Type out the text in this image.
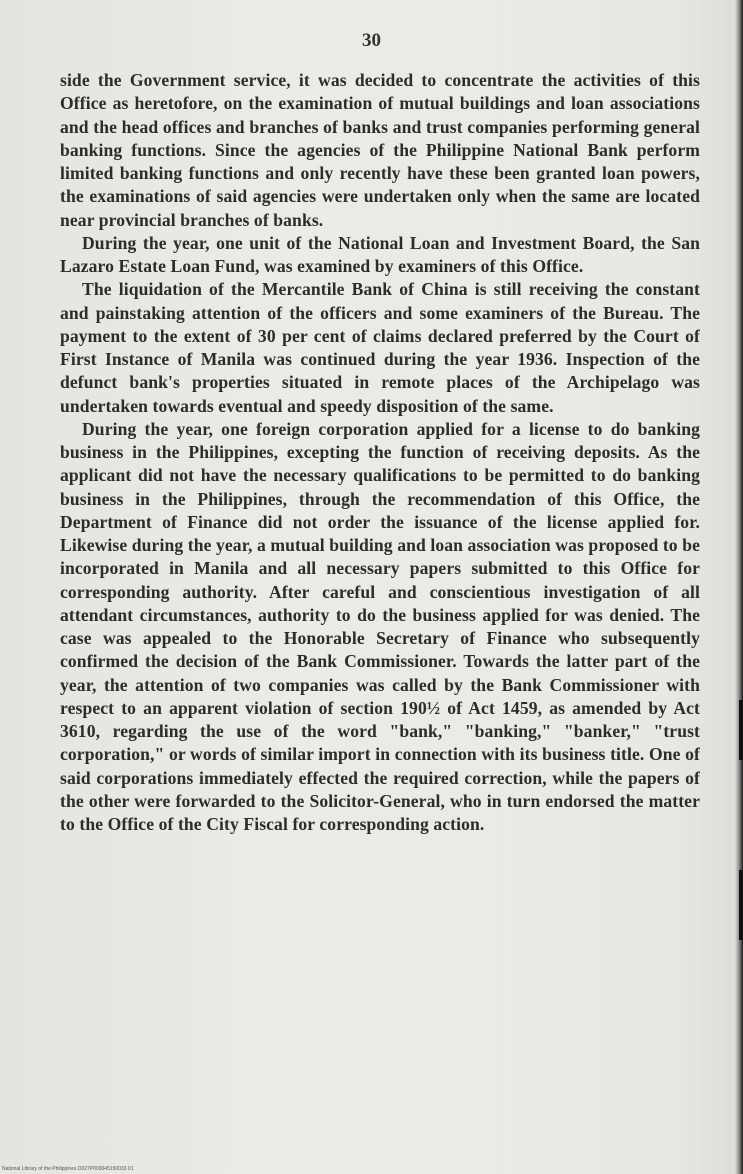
30

side the Government service, it was decided to concentrate the activities of this Office as heretofore, on the examination of mutual buildings and loan associations and the head offices and branches of banks and trust companies performing general banking functions. Since the agencies of the Philippine National Bank perform limited banking functions and only recently have these been granted loan powers, the examinations of said agencies were undertaken only when the same are located near provincial branches of banks.

During the year, one unit of the National Loan and Investment Board, the San Lazaro Estate Loan Fund, was examined by examiners of this Office.

The liquidation of the Mercantile Bank of China is still receiving the constant and painstaking attention of the officers and some examiners of the Bureau. The payment to the extent of 30 per cent of claims declared preferred by the Court of First Instance of Manila was continued during the year 1936. Inspection of the defunct bank's properties situated in remote places of the Archipelago was undertaken towards eventual and speedy disposition of the same.

During the year, one foreign corporation applied for a license to do banking business in the Philippines, excepting the function of receiving deposits. As the applicant did not have the necessary qualifications to be permitted to do banking business in the Philippines, through the recommendation of this Office, the Department of Finance did not order the issuance of the license applied for. Likewise during the year, a mutual building and loan association was proposed to be incorporated in Manila and all necessary papers submitted to this Office for corresponding authority. After careful and conscientious investigation of all attendant circumstances, authority to do the business applied for was denied. The case was appealed to the Honorable Secretary of Finance who subsequently confirmed the decision of the Bank Commissioner. Towards the latter part of the year, the attention of two companies was called by the Bank Commissioner with respect to an apparent violation of section 190½ of Act 1459, as amended by Act 3610, regarding the use of the word "bank," "banking," "banker," "trust corporation," or words of similar import in connection with its business title. One of said corporations immediately effected the required correction, while the papers of the other were forwarded to the Solicitor-General, who in turn endorsed the matter to the Office of the City Fiscal for corresponding action.

National Library of the Philippines D027P000045150033 01
